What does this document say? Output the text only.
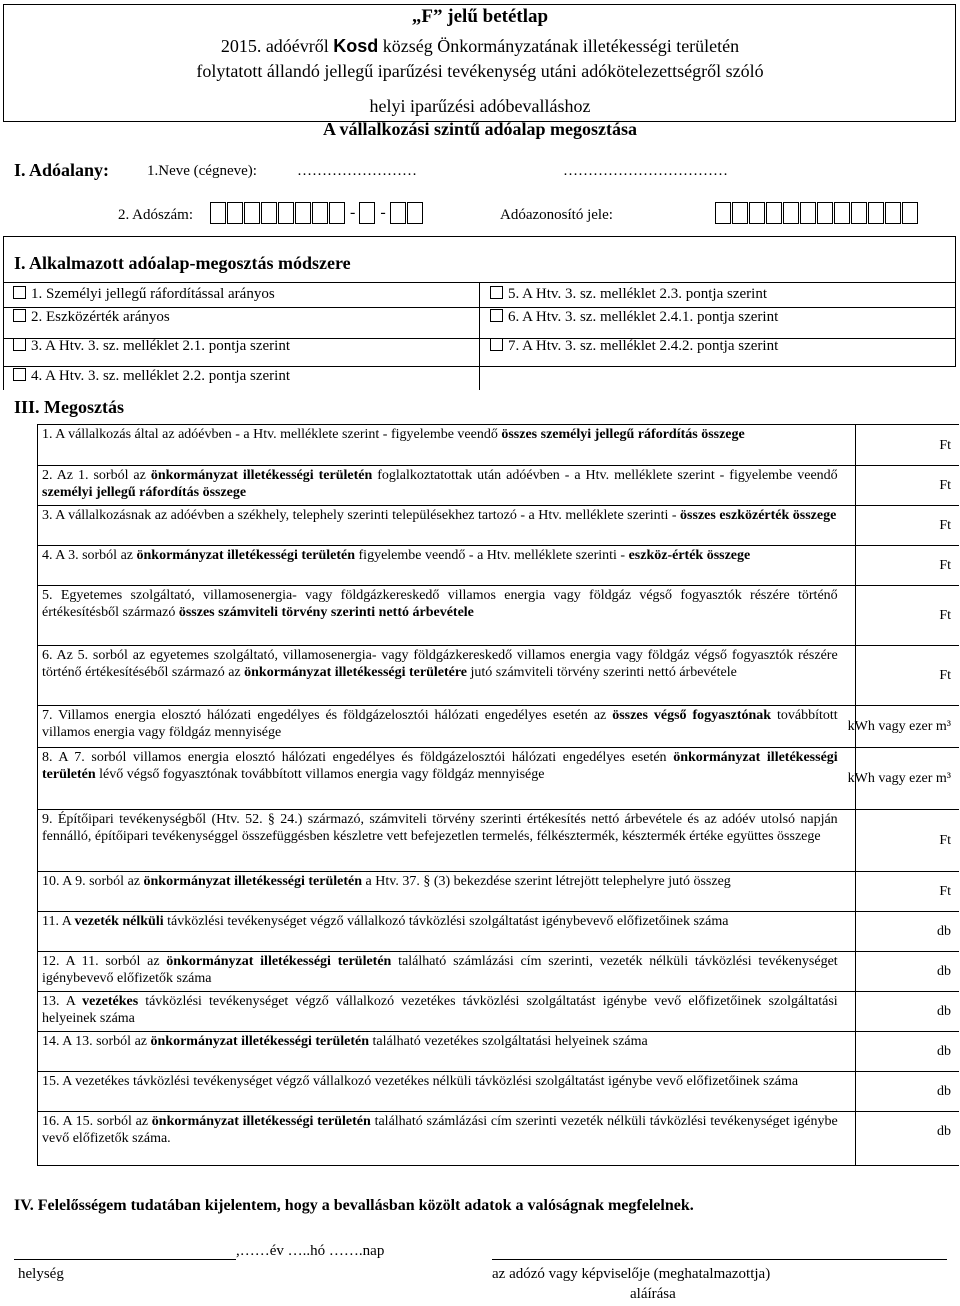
„F” jelű betétlap
2015. adóévről Kosd község Önkormányzatának illetékességi területén
folytatott állandó jellegű iparűzési tevékenység utáni adókötelezettségről szóló
helyi iparűzési adóbevalláshoz
A vállalkozási szintű adóalap megosztása
I. Adóalany:	1.Neve (cégneve):	……………………	……………………………
2. Adószám:	- -	Adóazonosító jele:
I. Alkalmazott adóalap-megosztás módszere
1. Személyi jellegű ráfordítással arányos
2. Eszközérték arányos
3. A Htv. 3. sz. melléklet 2.1. pontja szerint
4. A Htv. 3. sz. melléklet 2.2. pontja szerint
5. A Htv. 3. sz. melléklet 2.3. pontja szerint
6. A Htv. 3. sz. melléklet 2.4.1. pontja szerint
7. A Htv. 3. sz. melléklet 2.4.2. pontja szerint
III. Megosztás
1. A vállalkozás által az adóévben - a Htv. melléklete szerint - figyelembe veendő összes személyi jellegű ráfordítás összege	Ft
2. Az 1. sorból az önkormányzat illetékességi területén foglalkoztatottak után adóévben - a Htv. melléklete szerint - figyelembe veendő személyi jellegű ráfordítás összege	Ft
3. A vállalkozásnak az adóévben a székhely, telephely szerinti településekhez tartozó - a Htv. melléklete szerinti - összes eszközérték összege	Ft
4. A 3. sorból az önkormányzat illetékességi területén figyelembe veendő - a Htv. melléklete szerinti - eszköz-érték összege	Ft
5. Egyetemes szolgáltató, villamosenergia- vagy földgázkereskedő villamos energia vagy földgáz végső fogyasztók részére történő értékesítésből származó összes számviteli törvény szerinti nettó árbevétele	Ft
6. Az 5. sorból az egyetemes szolgáltató, villamosenergia- vagy földgázkereskedő villamos energia vagy földgáz végső fogyasztók részére történő értékesítéséből származó az önkormányzat illetékességi területére jutó számviteli törvény szerinti nettó árbevétele	Ft
7. Villamos energia elosztó hálózati engedélyes és földgázelosztói hálózati engedélyes esetén az összes végső fogyasztónak továbbított villamos energia vagy földgáz mennyisége	kWh vagy ezer m³
8. A 7. sorból villamos energia elosztó hálózati engedélyes és földgázelosztói hálózati engedélyes esetén önkormányzat illetékességi területén lévő végső fogyasztónak továbbított villamos energia vagy földgáz mennyisége	kWh vagy ezer m³
9. Építőipari tevékenységből (Htv. 52. § 24.) származó, számviteli törvény szerinti értékesítés nettó árbevétele és az adóév utolsó napján fennálló, építőipari tevékenységgel összefüggésben készletre vett befejezetlen termelés, félkésztermék, késztermék értéke együttes összege	Ft
10. A 9. sorból az önkormányzat illetékességi területén a Htv. 37. § (3) bekezdése szerint létrejött telephelyre jutó összeg	Ft
11. A vezeték nélküli távközlési tevékenységet végző vállalkozó távközlési szolgáltatást igénybevevő előfizetőinek száma	db
12. A 11. sorból az önkormányzat illetékességi területén található számlázási cím szerinti, vezeték nélküli távközlési tevékenységet igénybevevő előfizetők száma	db
13. A vezetékes távközlési tevékenységet végző vállalkozó vezetékes távközlési szolgáltatást igénybe vevő előfizetőinek szolgáltatási helyeinek száma	db
14. A 13. sorból az önkormányzat illetékességi területén található vezetékes szolgáltatási helyeinek száma	db
15. A vezetékes távközlési tevékenységet végző vállalkozó vezetékes nélküli távközlési szolgáltatást igénybe vevő előfizetőinek száma	db
16. A 15. sorból az önkormányzat illetékességi területén található számlázási cím szerinti vezeték nélküli távközlési tevékenységet igénybe vevő előfizetők száma.	db
IV. Felelősségem tudatában kijelentem, hogy a bevallásban közölt adatok a valóságnak megfelelnek.
,……év …..hó …….nap
helység	az adózó vagy képviselője (meghatalmazottja)
aláírása
